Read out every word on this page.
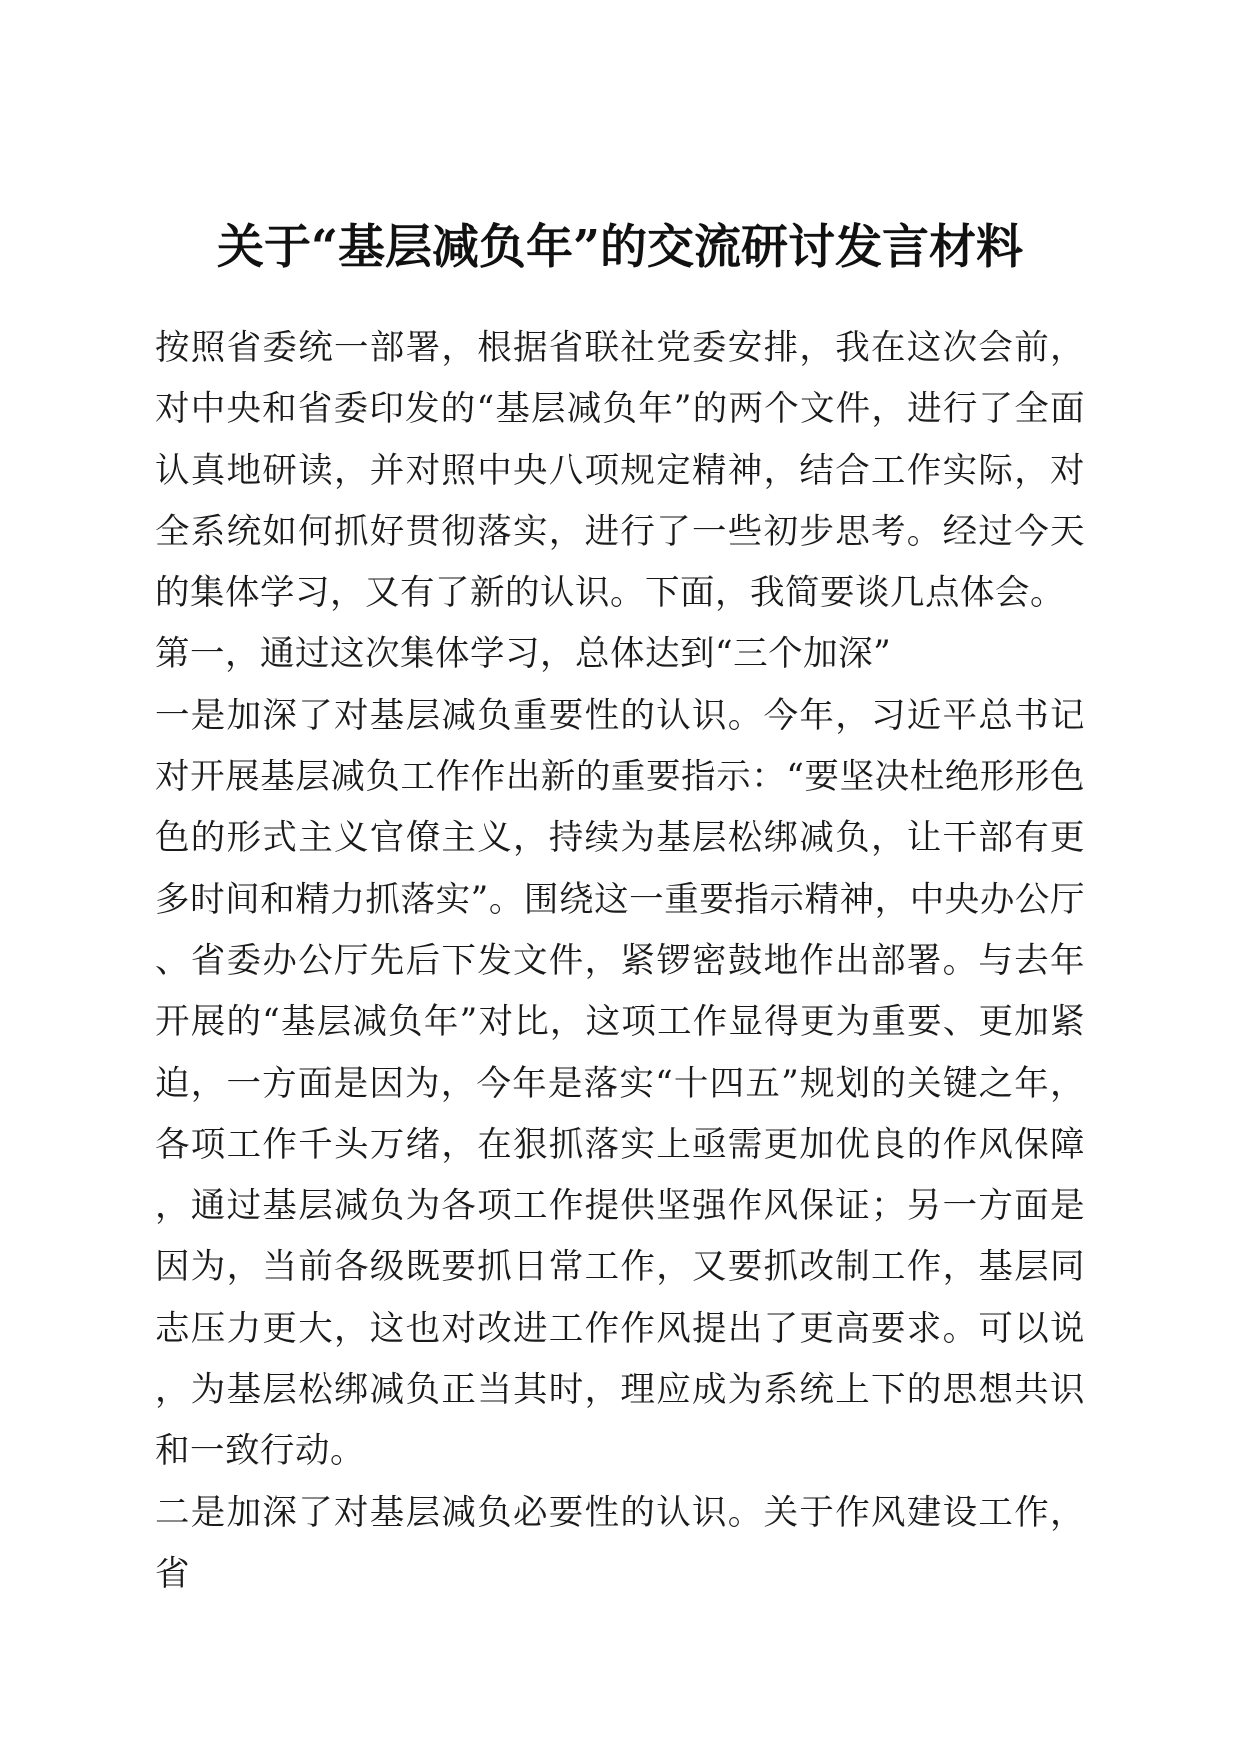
关于“基层减负年”的交流研讨发言材料

按照省委统一部署，根据省联社党委安排，我在这次会前，对中央和省委印发的“基层减负年”的两个文件，进行了全面认真地研读，并对照中央八项规定精神，结合工作实际，对全系统如何抓好贯彻落实，进行了一些初步思考。经过今天的集体学习，又有了新的认识。下面，我简要谈几点体会。

第一，通过这次集体学习，总体达到“三个加深”

一是加深了对基层减负重要性的认识。今年，习近平总书记对开展基层减负工作作出新的重要指示：“要坚决杜绝形形色色的形式主义官僚主义，持续为基层松绑减负，让干部有更多时间和精力抓落实”。围绕这一重要指示精神，中央办公厅、省委办公厅先后下发文件，紧锣密鼓地作出部署。与去年开展的“基层减负年”对比，这项工作显得更为重要、更加紧迫，一方面是因为，今年是落实“十四五”规划的关键之年，各项工作千头万绪，在狠抓落实上亟需更加优良的作风保障，通过基层减负为各项工作提供坚强作风保证；另一方面是因为，当前各级既要抓日常工作，又要抓改制工作，基层同志压力更大，这也对改进工作作风提出了更高要求。可以说，为基层松绑减负正当其时，理应成为系统上下的思想共识和一致行动。

二是加深了对基层减负必要性的认识。关于作风建设工作，省
